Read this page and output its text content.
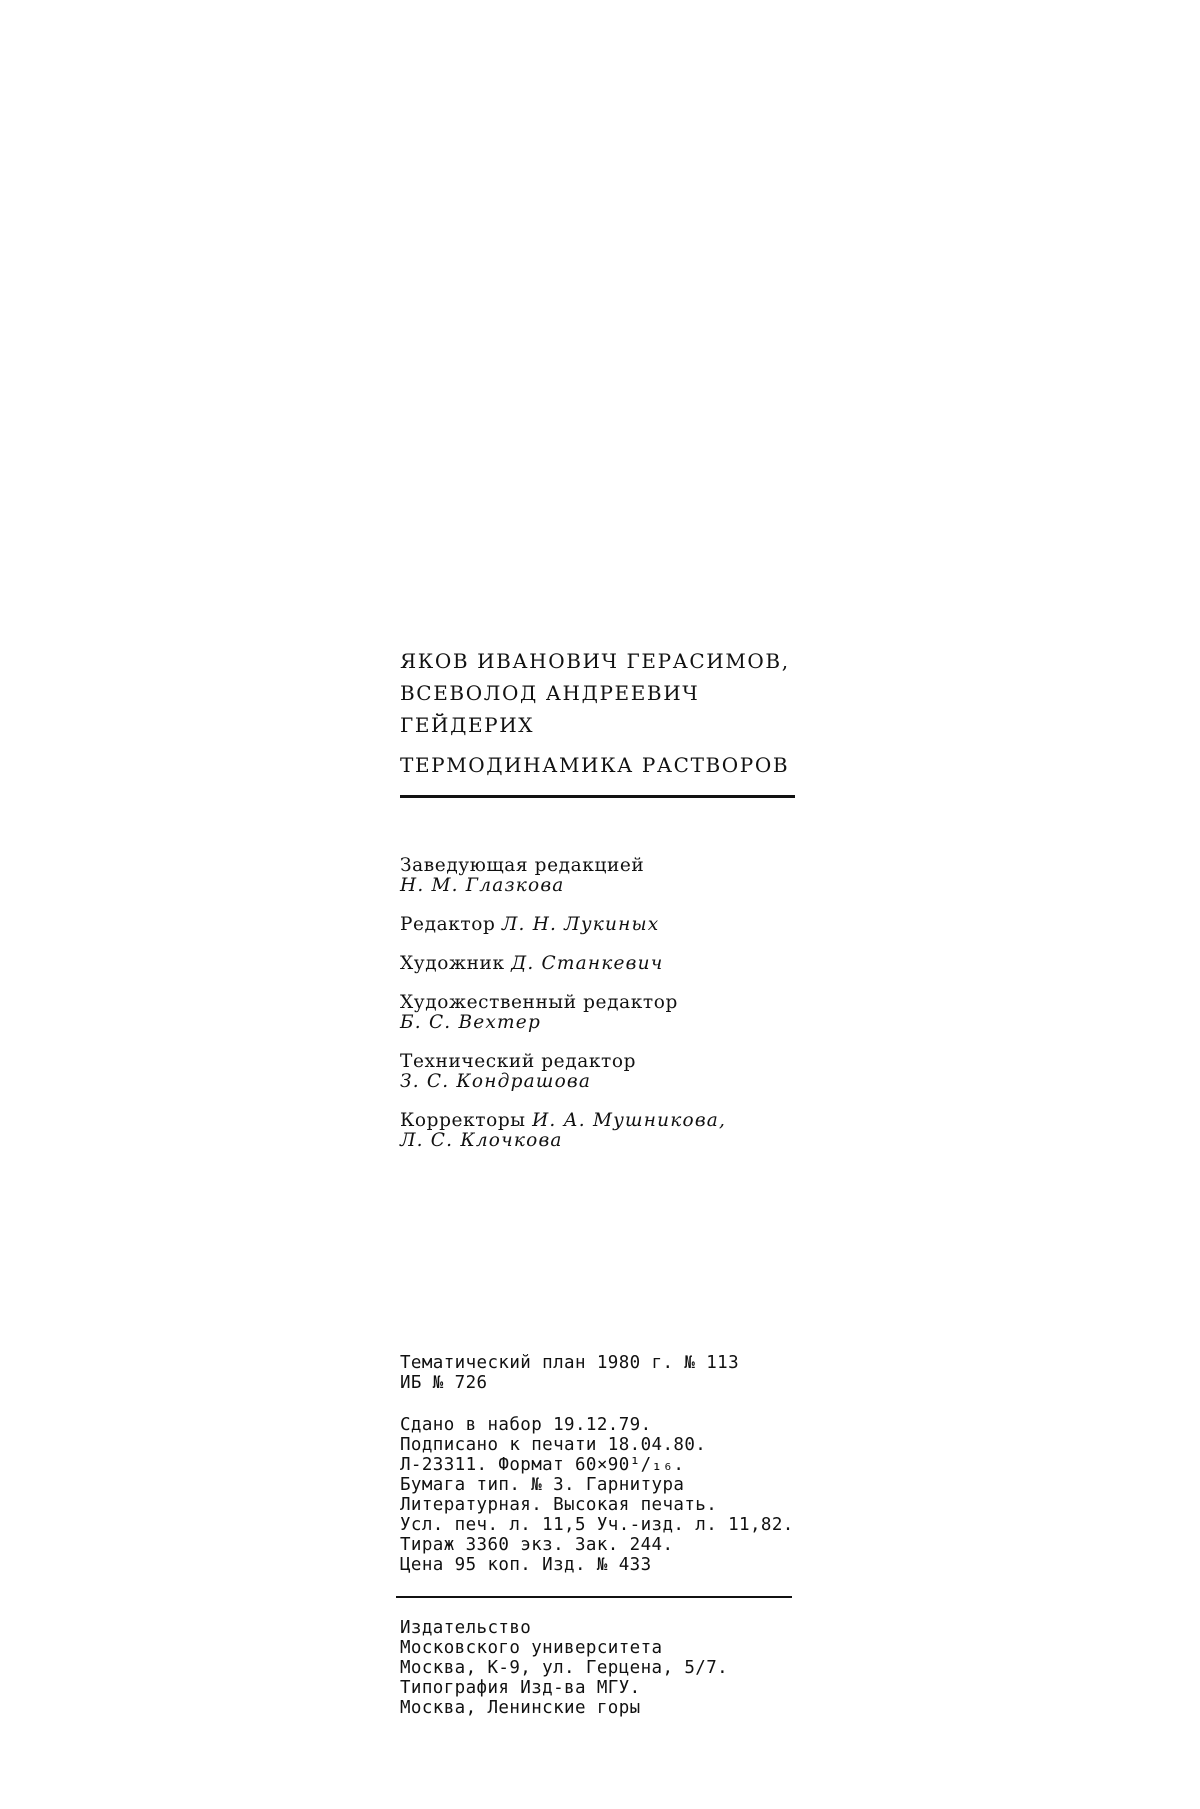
ЯКОВ ИВАНОВИЧ ГЕРАСИМОВ,
ВСЕВОЛОД АНДРЕЕВИЧ
ГЕЙДЕРИХ
ТЕРМОДИНАМИКА РАСТВОРОВ
Заведующая редакцией
Н. М. Глазкова
Редактор Л. Н. Лукиных
Художник Д. Станкевич
Художественный редактор
Б. С. Вехтер
Технический редактор
З. С. Кондрашова
Корректоры И. А. Мушникова,
Л. С. Клочкова
Тематический план 1980 г. № 113
ИБ № 726
Сдано в набор 19.12.79.
Подписано к печати 18.04.80.
Л-23311. Формат 60×90¹/₁₆.
Бумага тип. № 3. Гарнитура
Литературная. Высокая печать.
Усл. печ. л. 11,5 Уч.-изд. л. 11,82.
Тираж 3360 экз. Зак. 244.
Цена 95 коп. Изд. № 433
Издательство
Московского университета
Москва, К-9, ул. Герцена, 5/7.
Типография Изд-ва МГУ.
Москва, Ленинские горы
